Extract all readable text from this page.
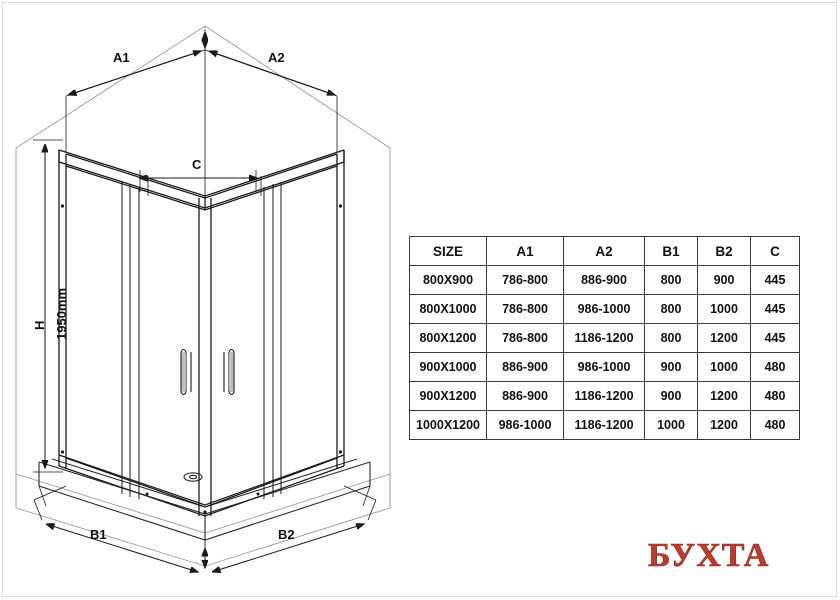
A1	A2
C
H 1950mm
B1	B2
SIZE	A1	A2	B1	B2	C
800X900	786-800	886-900	800	900	445
800X1000	786-800	986-1000	800	1000	445
800X1200	786-800	1186-1200	800	1200	445
900X1000	886-900	986-1000	900	1000	480
900X1200	886-900	1186-1200	900	1200	480
1000X1200	986-1000	1186-1200	1000	1200	480
БУХТА
